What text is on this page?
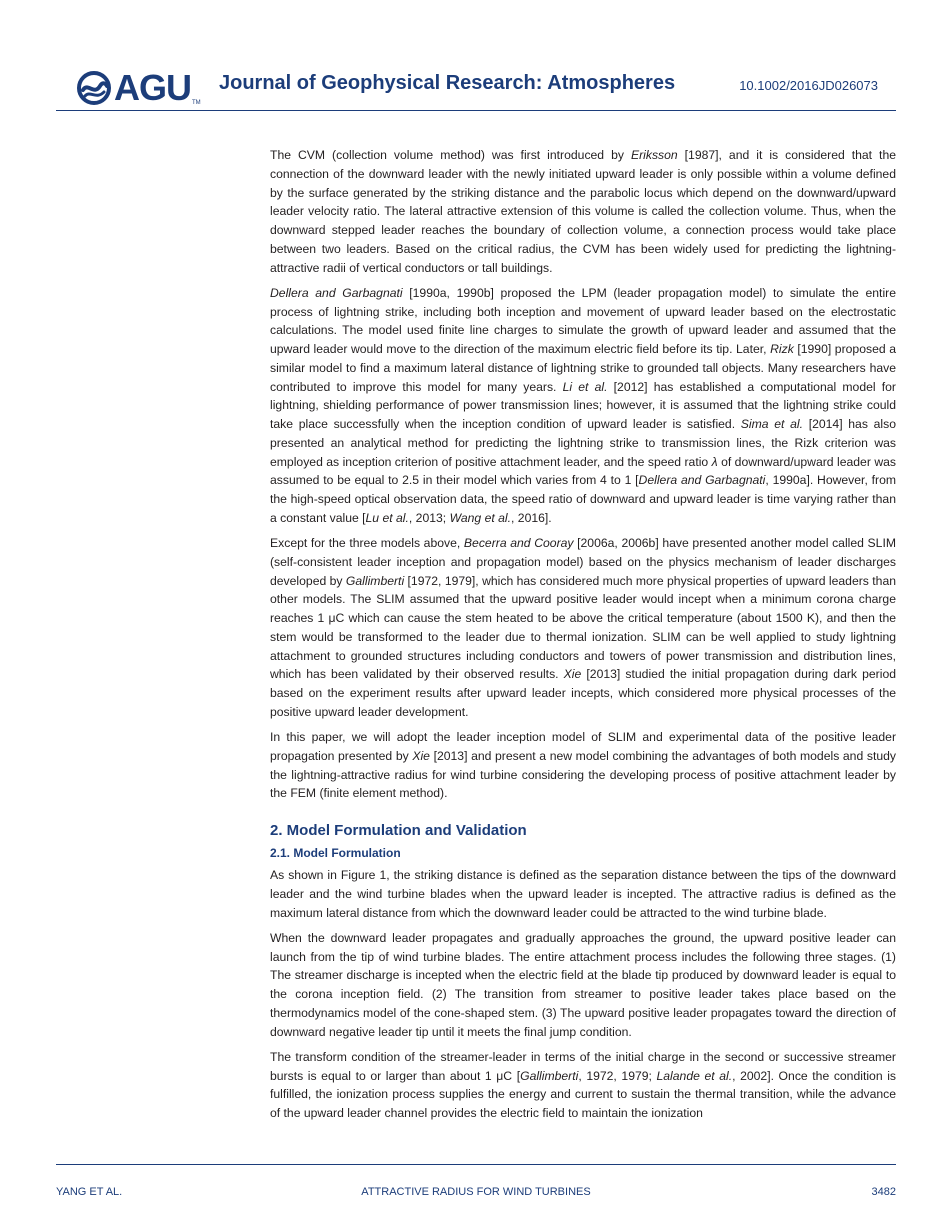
AGU TM
Journal of Geophysical Research: Atmospheres	10.1002/2016JD026073

The CVM (collection volume method) was first introduced by Eriksson [1987], and it is considered that the connection of the downward leader with the newly initiated upward leader is only possible within a volume defined by the surface generated by the striking distance and the parabolic locus which depend on the downward/upward leader velocity ratio. The lateral attractive extension of this volume is called the collection volume. Thus, when the downward stepped leader reaches the boundary of collection volume, a connection process would take place between two leaders. Based on the critical radius, the CVM has been widely used for predicting the lightning-attractive radii of vertical conductors or tall buildings.

Dellera and Garbagnati [1990a, 1990b] proposed the LPM (leader propagation model) to simulate the entire process of lightning strike, including both inception and movement of upward leader based on the electrostatic calculations. The model used finite line charges to simulate the growth of upward leader and assumed that the upward leader would move to the direction of the maximum electric field before its tip. Later, Rizk [1990] proposed a similar model to find a maximum lateral distance of lightning strike to grounded tall objects. Many researchers have contributed to improve this model for many years. Li et al. [2012] has established a computational model for lightning, shielding performance of power transmission lines; however, it is assumed that the lightning strike could take place successfully when the inception condition of upward leader is satisfied. Sima et al. [2014] has also presented an analytical method for predicting the lightning strike to transmission lines, the Rizk criterion was employed as inception criterion of positive attachment leader, and the speed ratio λ of downward/upward leader was assumed to be equal to 2.5 in their model which varies from 4 to 1 [Dellera and Garbagnati, 1990a]. However, from the high-speed optical observation data, the speed ratio of downward and upward leader is time varying rather than a constant value [Lu et al., 2013; Wang et al., 2016].

Except for the three models above, Becerra and Cooray [2006a, 2006b] have presented another model called SLIM (self-consistent leader inception and propagation model) based on the physics mechanism of leader discharges developed by Gallimberti [1972, 1979], which has considered much more physical properties of upward leaders than other models. The SLIM assumed that the upward positive leader would incept when a minimum corona charge reaches 1 μC which can cause the stem heated to be above the critical temperature (about 1500 K), and then the stem would be transformed to the leader due to thermal ionization. SLIM can be well applied to study lightning attachment to grounded structures including conductors and towers of power transmission and distribution lines, which has been validated by their observed results. Xie [2013] studied the initial propagation during dark period based on the experiment results after upward leader incepts, which considered more physical processes of the positive upward leader development.

In this paper, we will adopt the leader inception model of SLIM and experimental data of the positive leader propagation presented by Xie [2013] and present a new model combining the advantages of both models and study the lightning-attractive radius for wind turbine considering the developing process of positive attachment leader by the FEM (finite element method).

2. Model Formulation and Validation
2.1. Model Formulation

As shown in Figure 1, the striking distance is defined as the separation distance between the tips of the downward leader and the wind turbine blades when the upward leader is incepted. The attractive radius is defined as the maximum lateral distance from which the downward leader could be attracted to the wind turbine blade.

When the downward leader propagates and gradually approaches the ground, the upward positive leader can launch from the tip of wind turbine blades. The entire attachment process includes the following three stages. (1) The streamer discharge is incepted when the electric field at the blade tip produced by downward leader is equal to the corona inception field. (2) The transition from streamer to positive leader takes place based on the thermodynamics model of the cone-shaped stem. (3) The upward positive leader propagates toward the direction of downward negative leader tip until it meets the final jump condition.

The transform condition of the streamer-leader in terms of the initial charge in the second or successive streamer bursts is equal to or larger than about 1 μC [Gallimberti, 1972, 1979; Lalande et al., 2002]. Once the condition is fulfilled, the ionization process supplies the energy and current to sustain the thermal transition, while the advance of the upward leader channel provides the electric field to maintain the ionization

YANG ET AL.	ATTRACTIVE RADIUS FOR WIND TURBINES	3482
